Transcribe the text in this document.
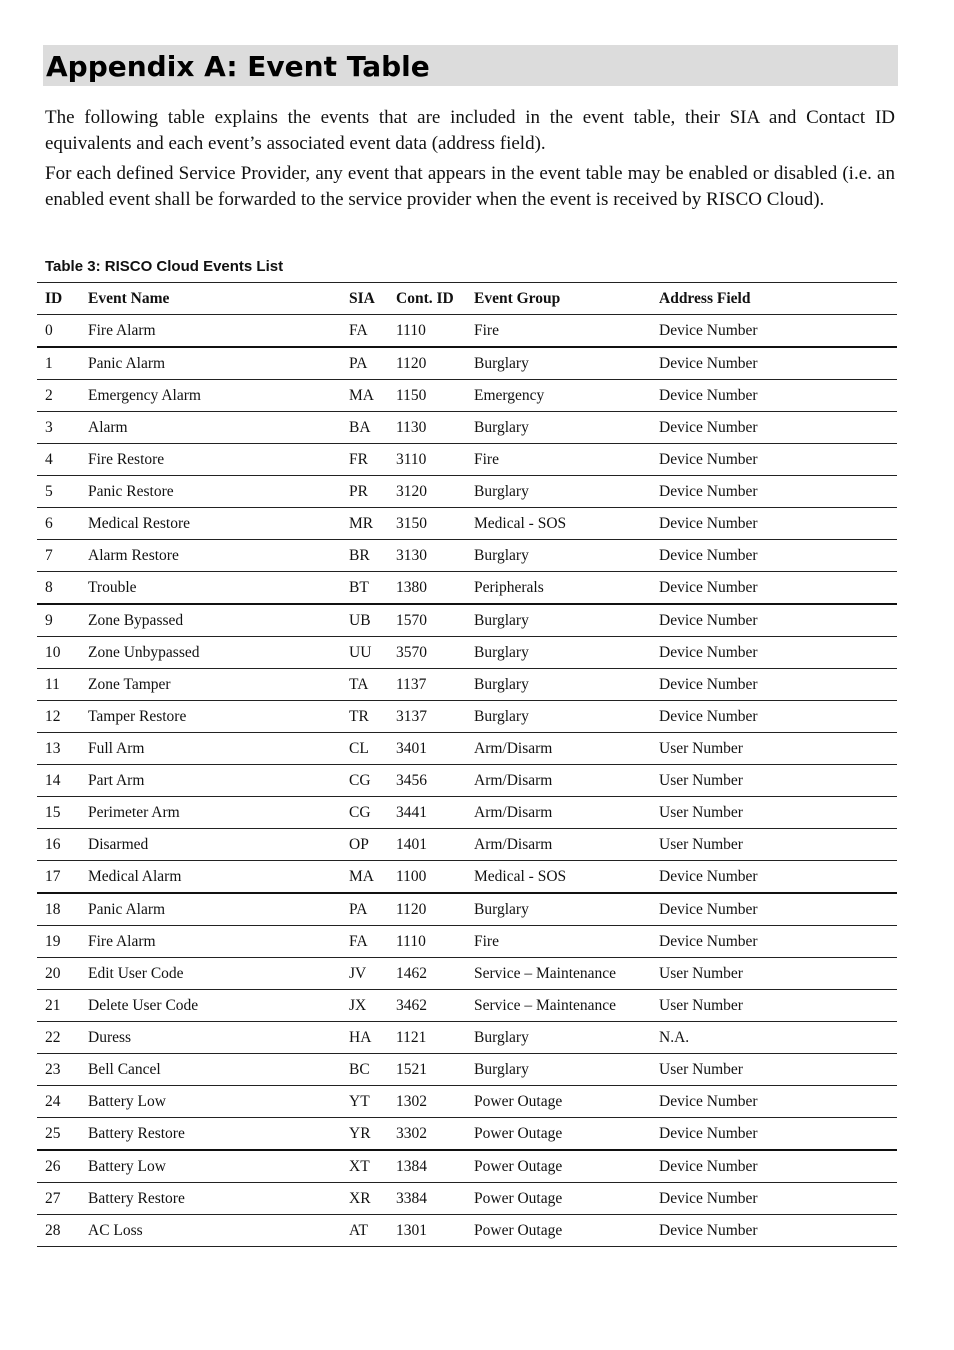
Appendix A: Event Table

The following table explains the events that are included in the event table, their SIA and Contact ID equivalents and each event’s associated event data (address field).

For each defined Service Provider, any event that appears in the event table may be enabled or disabled (i.e. an enabled event shall be forwarded to the service provider when the event is received by RISCO Cloud).

Table 3: RISCO Cloud Events List
ID	Event Name	SIA	Cont. ID	Event Group	Address Field
0	Fire Alarm	FA	1110	Fire	Device Number
1	Panic Alarm	PA	1120	Burglary	Device Number
2	Emergency Alarm	MA	1150	Emergency	Device Number
3	Alarm	BA	1130	Burglary	Device Number
4	Fire Restore	FR	3110	Fire	Device Number
5	Panic Restore	PR	3120	Burglary	Device Number
6	Medical Restore	MR	3150	Medical - SOS	Device Number
7	Alarm Restore	BR	3130	Burglary	Device Number
8	Trouble	BT	1380	Peripherals	Device Number
9	Zone Bypassed	UB	1570	Burglary	Device Number
10	Zone Unbypassed	UU	3570	Burglary	Device Number
11	Zone Tamper	TA	1137	Burglary	Device Number
12	Tamper Restore	TR	3137	Burglary	Device Number
13	Full Arm	CL	3401	Arm/Disarm	User Number
14	Part Arm	CG	3456	Arm/Disarm	User Number
15	Perimeter Arm	CG	3441	Arm/Disarm	User Number
16	Disarmed	OP	1401	Arm/Disarm	User Number
17	Medical Alarm	MA	1100	Medical - SOS	Device Number
18	Panic Alarm	PA	1120	Burglary	Device Number
19	Fire Alarm	FA	1110	Fire	Device Number
20	Edit User Code	JV	1462	Service – Maintenance	User Number
21	Delete User Code	JX	3462	Service – Maintenance	User Number
22	Duress	HA	1121	Burglary	N.A.
23	Bell Cancel	BC	1521	Burglary	User Number
24	Battery Low	YT	1302	Power Outage	Device Number
25	Battery Restore	YR	3302	Power Outage	Device Number
26	Battery Low	XT	1384	Power Outage	Device Number
27	Battery Restore	XR	3384	Power Outage	Device Number
28	AC Loss	AT	1301	Power Outage	Device Number
